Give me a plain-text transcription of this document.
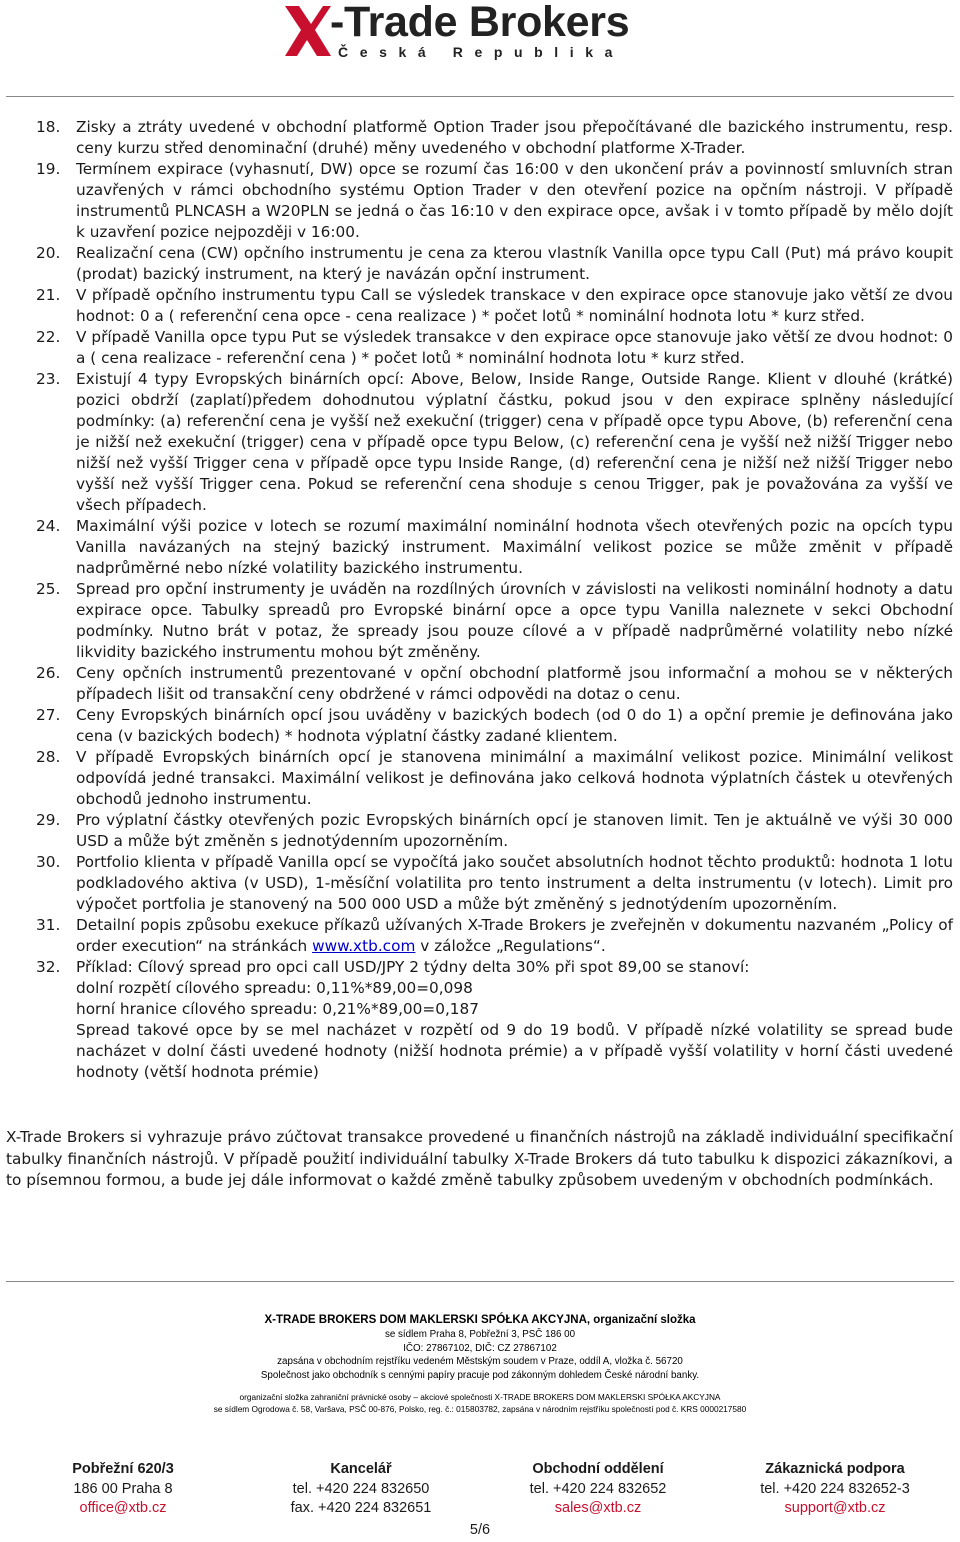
-Trade Brokers
Česká Republika
18. Zisky a ztráty uvedené v obchodní platformě Option Trader jsou přepočítávané dle bazického instrumentu, resp. ceny kurzu střed denominační (druhé) měny uvedeného v obchodní platforme X-Trader.
19. Termínem expirace (vyhasnutí, DW) opce se rozumí čas 16:00 v den ukončení práv a povinností smluvních stran uzavřených v rámci obchodního systému Option Trader v den otevření pozice na opčním nástroji. V případě instrumentů PLNCASH a W20PLN se jedná o čas 16:10 v den expirace opce, avšak i v tomto případě by mělo dojít k uzavření pozice nejpozději v 16:00.
20. Realizační cena (CW) opčního instrumentu je cena za kterou vlastník Vanilla opce typu Call (Put) má právo koupit (prodat) bazický instrument, na který je navázán opční instrument.
21. V případě opčního instrumentu typu Call se výsledek transkace v den expirace opce stanovuje jako větší ze dvou hodnot: 0 a ( referenční cena opce - cena realizace ) * počet lotů * nominální hodnota lotu * kurz střed.
22. V případě Vanilla opce typu Put se výsledek transakce v den expirace opce stanovuje jako větší ze dvou hodnot: 0 a ( cena realizace - referenční cena ) * počet lotů * nominální hodnota lotu * kurz střed.
23. Existují 4 typy Evropských binárních opcí: Above, Below, Inside Range, Outside Range. Klient v dlouhé (krátké) pozici obdrží (zaplatí)předem dohodnutou výplatní částku, pokud jsou v den expirace splněny následující podmínky: (a) referenční cena je vyšší než exekuční (trigger) cena v případě opce typu Above, (b) referenční cena je nižší než exekuční (trigger) cena v případě opce typu Below, (c) referenční cena je vyšší než nižší Trigger nebo nižší než vyšší Trigger cena v případě opce typu Inside Range, (d) referenční cena je nižší než nižší Trigger nebo vyšší než vyšší Trigger cena. Pokud se referenční cena shoduje s cenou Trigger, pak je považována za vyšší ve všech případech.
24. Maximální výši pozice v lotech se rozumí maximální nominální hodnota všech otevřených pozic na opcích typu Vanilla navázaných na stejný bazický instrument. Maximální velikost pozice se může změnit v případě nadprůměrné nebo nízké volatility bazického instrumentu.
25. Spread pro opční instrumenty je uváděn na rozdílných úrovních v závislosti na velikosti nominální hodnoty a datu expirace opce. Tabulky spreadů pro Evropské binární opce a opce typu Vanilla naleznete v sekci Obchodní podmínky. Nutno brát v potaz, že spready jsou pouze cílové a v případě nadprůměrné volatility nebo nízké likvidity bazického instrumentu mohou být změněny.
26. Ceny opčních instrumentů prezentované v opční obchodní platformě jsou informační a mohou se v některých případech lišit od transakční ceny obdržené v rámci odpovědi na dotaz o cenu.
27. Ceny Evropských binárních opcí jsou uváděny v bazických bodech (od 0 do 1) a opční premie je definována jako cena (v bazických bodech) * hodnota výplatní částky zadané klientem.
28. V případě Evropských binárních opcí je stanovena minimální a maximální velikost pozice. Minimální velikost odpovídá jedné transakci. Maximální velikost je definována jako celková hodnota výplatních částek u otevřených obchodů jednoho instrumentu.
29. Pro výplatní částky otevřených pozic Evropských binárních opcí je stanoven limit. Ten je aktuálně ve výši 30 000 USD a může být změněn s jednotýdenním upozorněním.
30. Portfolio klienta v případě Vanilla opcí se vypočítá jako součet absolutních hodnot těchto produktů: hodnota 1 lotu podkladového aktiva (v USD), 1-měsíční volatilita pro tento instrument a delta instrumentu (v lotech). Limit pro výpočet portfolia je stanovený na 500 000 USD a může být změněný s jednotýdením upozorněním.
31. Detailní popis způsobu exekuce příkazů užívaných X-Trade Brokers je zveřejněn v dokumentu nazvaném „Policy of order execution“ na stránkách www.xtb.com v záložce „Regulations“.
32. Příklad: Cílový spread pro opci call USD/JPY 2 týdny delta 30% při spot 89,00 se stanoví:
dolní rozpětí cílového spreadu: 0,11%*89,00=0,098
horní hranice cílového spreadu: 0,21%*89,00=0,187
Spread takové opce by se mel nacházet v rozpětí od 9 do 19 bodů. V případě nízké volatility se spread bude nacházet v dolní části uvedené hodnoty (nižší hodnota prémie) a v případě vyšší volatility v horní části uvedené hodnoty (větší hodnota prémie)

X-Trade Brokers si vyhrazuje právo zúčtovat transakce provedené u finančních nástrojů na základě individuální specifikační tabulky finančních nástrojů. V případě použití individuální tabulky X-Trade Brokers dá tuto tabulku k dispozici zákazníkovi, a to písemnou formou, a bude jej dále informovat o každé změně tabulky způsobem uvedeným v obchodních podmínkách.

X-TRADE BROKERS DOM MAKLERSKI SPÓŁKA AKCYJNA, organizační složka
se sídlem Praha 8, Pobřežní 3, PSČ 186 00
IČO: 27867102, DIČ: CZ 27867102
zapsána v obchodním rejstříku vedeném Městským soudem v Praze, oddíl A, vložka č. 56720
Společnost jako obchodník s cennými papíry pracuje pod zákonným dohledem České národní banky.
organizační složka zahraniční právnické osoby – akciové společnosti X-TRADE BROKERS DOM MAKLERSKI SPÓŁKA AKCYJNA
se sídlem Ogrodowa č. 58, Varšava, PSČ 00-876, Polsko, reg. č.: 015803782, zapsána v národním rejstříku společností pod č. KRS 0000217580
Pobřežní 620/3
186 00 Praha 8
office@xtb.cz
Kancelář
tel. +420 224 832650
fax. +420 224 832651
Obchodní oddělení
tel. +420 224 832652
sales@xtb.cz
Zákaznická podpora
tel. +420 224 832652-3
support@xtb.cz
5/6
